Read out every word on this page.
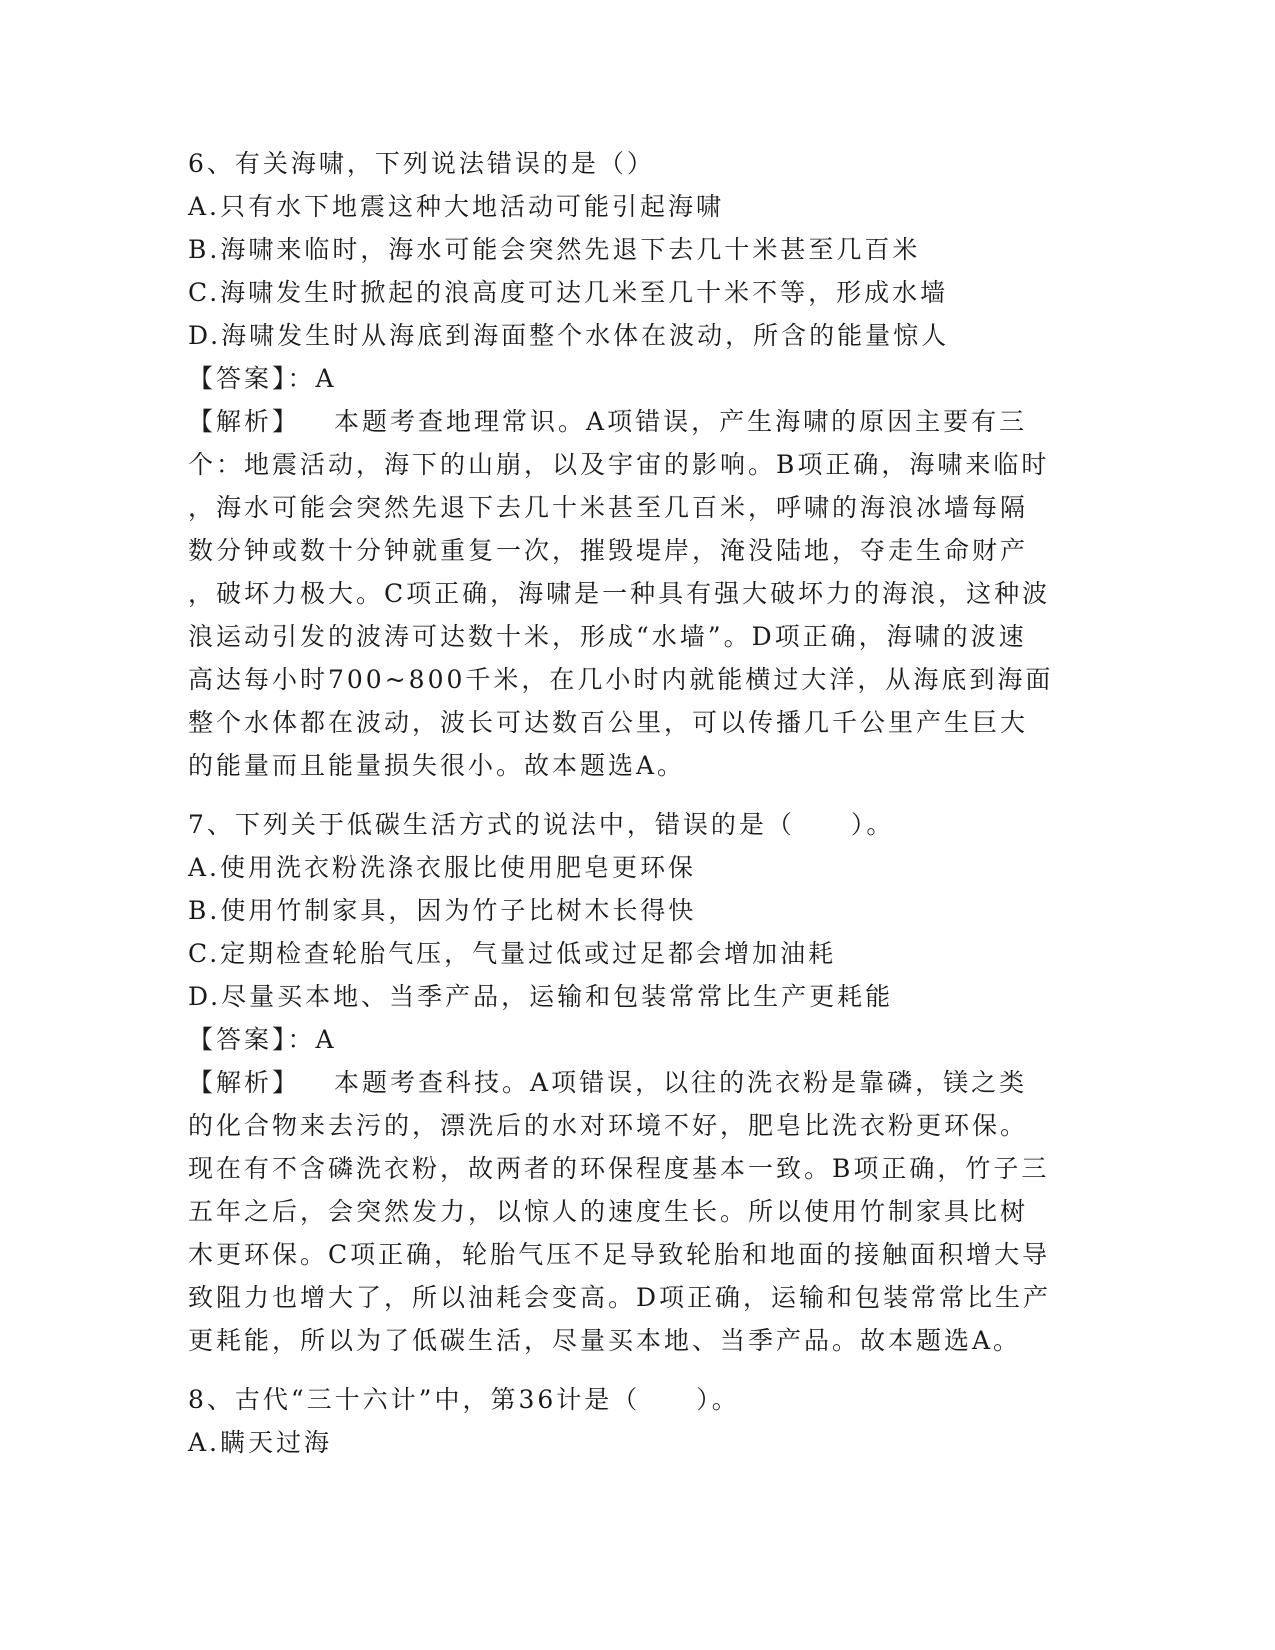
6、有关海啸，下列说法错误的是（）
A.只有水下地震这种大地活动可能引起海啸
B.海啸来临时，海水可能会突然先退下去几十米甚至几百米
C.海啸发生时掀起的浪高度可达几米至几十米不等，形成水墙
D.海啸发生时从海底到海面整个水体在波动，所含的能量惊人
【答案】：A
【解析】 本题考查地理常识。A项错误，产生海啸的原因主要有三
个：地震活动，海下的山崩，以及宇宙的影响。B项正确，海啸来临时
，海水可能会突然先退下去几十米甚至几百米，呼啸的海浪冰墙每隔
数分钟或数十分钟就重复一次，摧毁堤岸，淹没陆地，夺走生命财产
，破坏力极大。C项正确，海啸是一种具有强大破坏力的海浪，这种波
浪运动引发的波涛可达数十米，形成“水墙”。D项正确，海啸的波速
高达每小时700~800千米，在几小时内就能横过大洋，从海底到海面
整个水体都在波动，波长可达数百公里，可以传播几千公里产生巨大
的能量而且能量损失很小。故本题选A。
7、下列关于低碳生活方式的说法中，错误的是（　　）。
A.使用洗衣粉洗涤衣服比使用肥皂更环保
B.使用竹制家具，因为竹子比树木长得快
C.定期检查轮胎气压，气量过低或过足都会增加油耗
D.尽量买本地、当季产品，运输和包装常常比生产更耗能
【答案】：A
【解析】 本题考查科技。A项错误，以往的洗衣粉是靠磷，镁之类
的化合物来去污的，漂洗后的水对环境不好，肥皂比洗衣粉更环保。
现在有不含磷洗衣粉，故两者的环保程度基本一致。B项正确，竹子三
五年之后，会突然发力，以惊人的速度生长。所以使用竹制家具比树
木更环保。C项正确，轮胎气压不足导致轮胎和地面的接触面积增大导
致阻力也增大了，所以油耗会变高。D项正确，运输和包装常常比生产
更耗能，所以为了低碳生活，尽量买本地、当季产品。故本题选A。
8、古代“三十六计”中，第36计是（　　）。
A.瞒天过海
